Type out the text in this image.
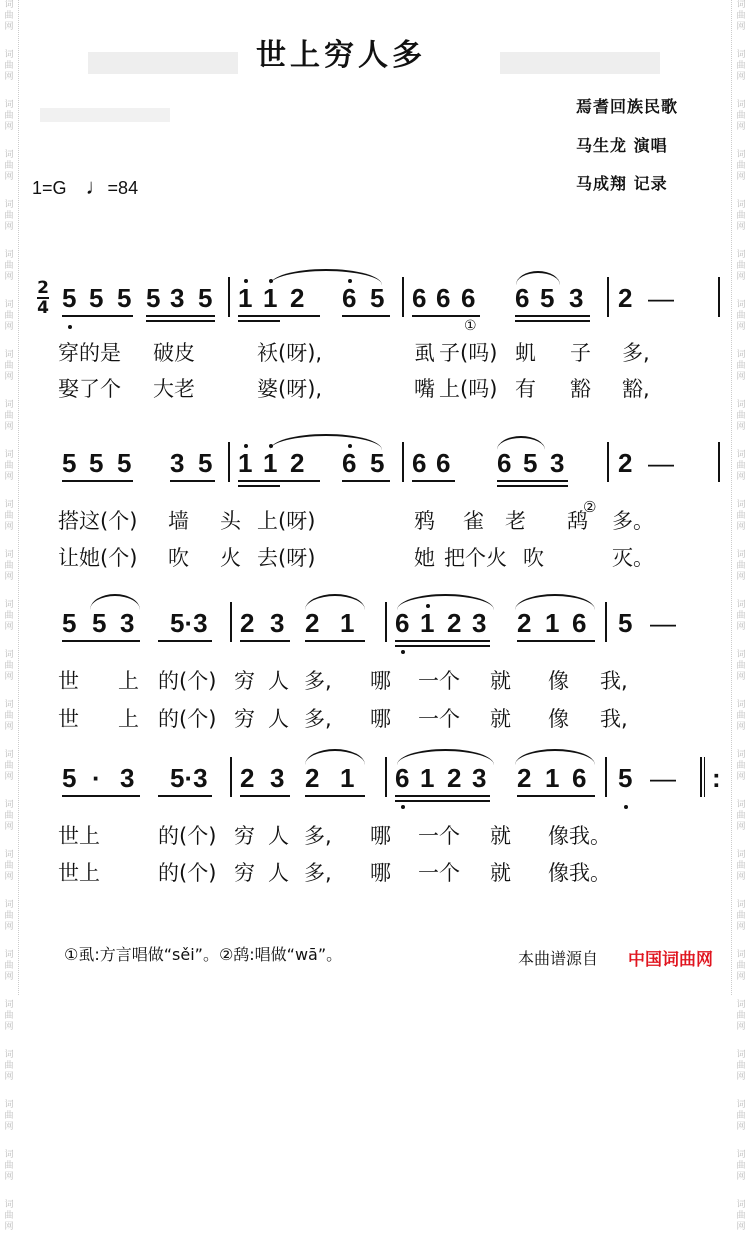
词
曲
网
词
曲
网
词
曲
网
词
曲
网
词
曲
网
词
曲
网
词
曲
网
词
曲
网
词
曲
网
词
曲
网
词
曲
网
词
曲
网
词
曲
网
词
曲
网
词
曲
网
词
曲
网
词
曲
网
词
曲
网
词
曲
网
词
曲
网
词
曲
网
词
曲
网
词
曲
网
词
曲
网
词
曲
网
词
曲
网
词
曲
网
词
曲
网
词
曲
网
词
曲
网
词
曲
网
词
曲
网
词
曲
网
词
曲
网
词
曲
网
词
曲
网
词
曲
网
词
曲
网
词
曲
网
词
曲
网
词
曲
网
词
曲
网
词
曲
网
词
曲
网
词
曲
网
词
曲
网
词
曲
网
词
曲
网
词
曲
网
词
曲
网
世上穷人多
焉耆回族民歌
马生龙 演唱
马成翔 记录
1=G ♩=84
2
4 5 5 5 5 3 5 1 1 2 6 5 6 6 6 6 5 3 2 —
穿的是 破皮	袄(呀),	虱 子(吗) 虮 子 多,
娶了个 大老	婆(呀),	嘴 上(吗) 有 豁 豁,
5 5 5 3 5 1 1 2 6 5 6 6 6 5 3 2 —
搭这(个) 墙 头 上(呀)	鸦 雀 老 鸹 多。
让她(个) 吹 火 去(呀)	她 把个火 吹	灭。
5 5 3 5·3 2 3 2 1 6 1 2 3 2 1 6 5 —
世 上 的(个) 穷 人 多, 哪 一个 就 像 我,
世 上 的(个) 穷 人 多, 哪 一个 就 像 我,
5 · 3 5·3 2 3 2 1 6 1 2 3 2 1 6 5 — :
世上	的(个) 穷 人 多, 哪 一个 就 像我。
世上	的(个) 穷 人 多, 哪 一个 就 像我。
①
②
①虱:方言唱做“sěi”。②鸹:唱做“wā”。	本曲谱源自 中国词曲网
